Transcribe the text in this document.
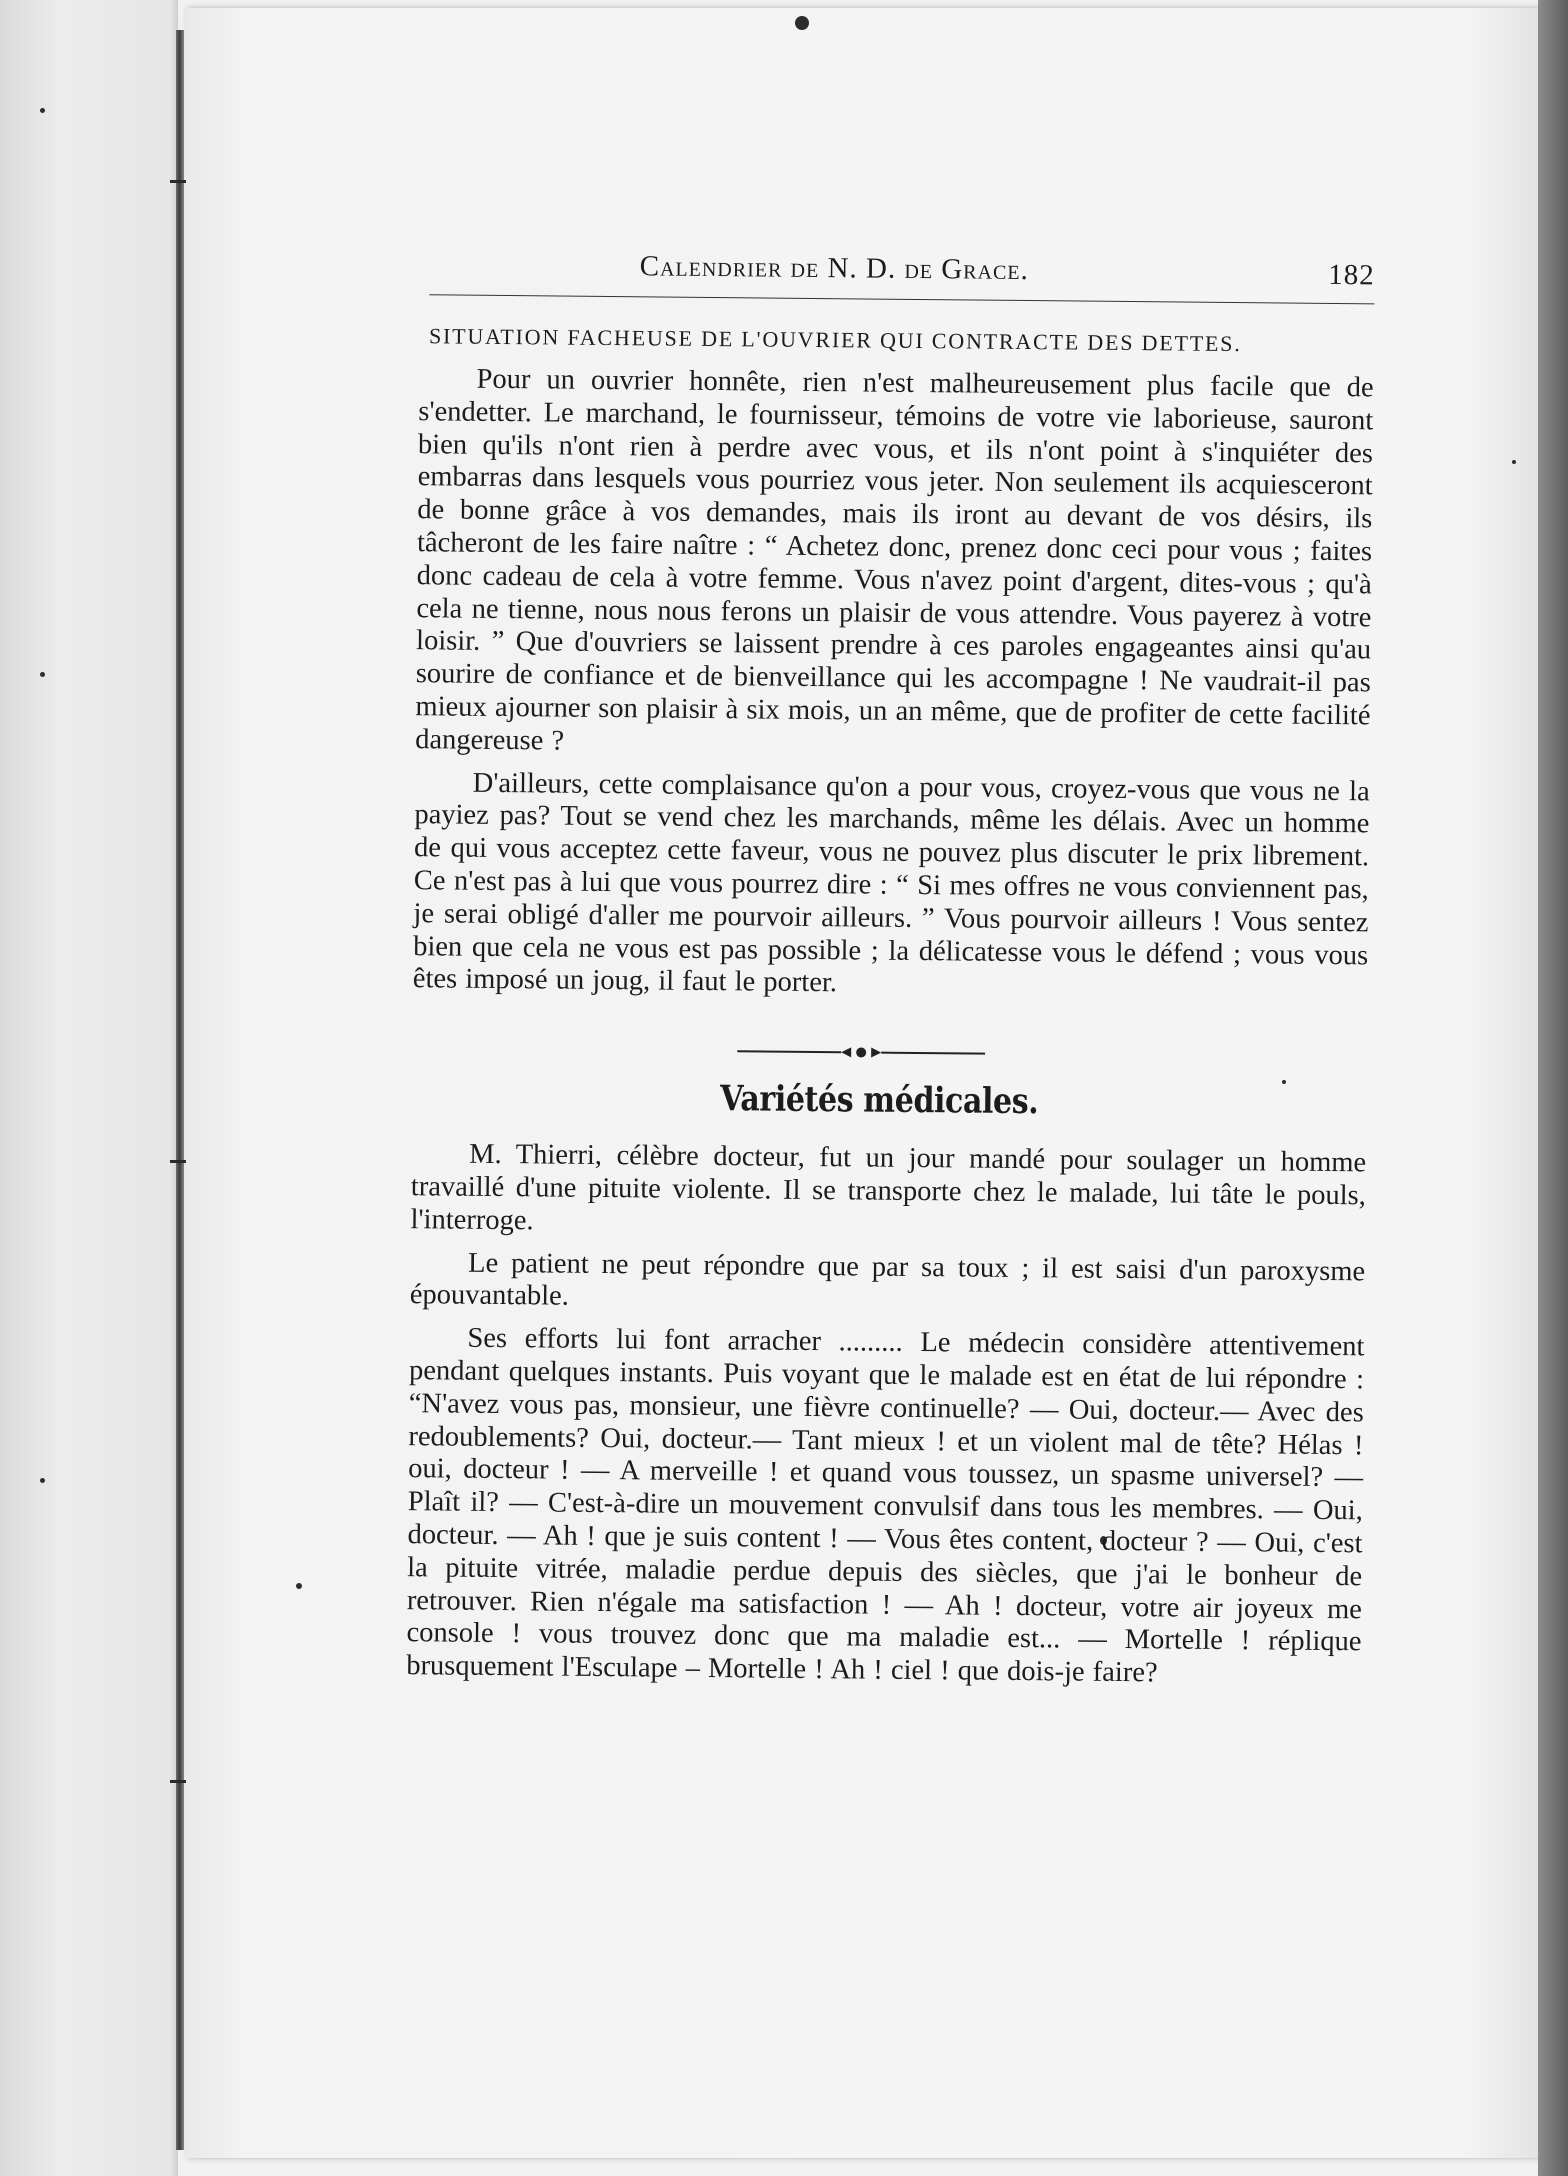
Calendrier de N. D. de Grace.	182
SITUATION FACHEUSE DE L'OUVRIER QUI CONTRACTE DES DETTES.

Pour un ouvrier honnête, rien n'est malheureusement plus facile que de s'endetter. Le marchand, le fournisseur, témoins de votre vie laborieuse, sauront bien qu'ils n'ont rien à perdre avec vous, et ils n'ont point à s'inquiéter des embarras dans lesquels vous pourriez vous jeter. Non seulement ils acquiesceront de bonne grâce à vos demandes, mais ils iront au devant de vos désirs, ils tâcheront de les faire naître : “ Achetez donc, prenez donc ceci pour vous ; faites donc cadeau de cela à votre femme. Vous n'avez point d'argent, dites-vous ; qu'à cela ne tienne, nous nous ferons un plaisir de vous attendre. Vous payerez à votre loisir. ” Que d'ouvriers se laissent prendre à ces paroles engageantes ainsi qu'au sourire de confiance et de bienveillance qui les accompagne ! Ne vaudrait-il pas mieux ajourner son plaisir à six mois, un an même, que de profiter de cette facilité dangereuse ?

D'ailleurs, cette complaisance qu'on a pour vous, croyez-vous que vous ne la payiez pas? Tout se vend chez les marchands, même les délais. Avec un homme de qui vous acceptez cette faveur, vous ne pouvez plus discuter le prix librement. Ce n'est pas à lui que vous pourrez dire : “ Si mes offres ne vous conviennent pas, je serai obligé d'aller me pourvoir ailleurs. ” Vous pourvoir ailleurs ! Vous sentez bien que cela ne vous est pas possible ; la délicatesse vous le défend ; vous vous êtes imposé un joug, il faut le porter.

Variétés médicales.

M. Thierri, célèbre docteur, fut un jour mandé pour soulager un homme travaillé d'une pituite violente. Il se transporte chez le malade, lui tâte le pouls, l'interroge.

Le patient ne peut répondre que par sa toux ; il est saisi d'un paroxysme épouvantable.

Ses efforts lui font arracher ......... Le médecin considère attentivement pendant quelques instants. Puis voyant que le malade est en état de lui répondre : “N'avez vous pas, monsieur, une fièvre continuelle? — Oui, docteur.— Avec des redoublements? Oui, docteur.— Tant mieux ! et un violent mal de tête? Hélas ! oui, docteur ! — A merveille ! et quand vous toussez, un spasme universel? — Plaît il? — C'est-à-dire un mouvement convulsif dans tous les membres. — Oui, docteur. — Ah ! que je suis content ! — Vous êtes content, docteur ? — Oui, c'est la pituite vitrée, maladie perdue depuis des siècles, que j'ai le bonheur de retrouver. Rien n'égale ma satisfaction ! — Ah ! docteur, votre air joyeux me console ! vous trouvez donc que ma maladie est... — Mortelle ! réplique brusquement l'Esculape – Mortelle ! Ah ! ciel ! que dois-je faire?
